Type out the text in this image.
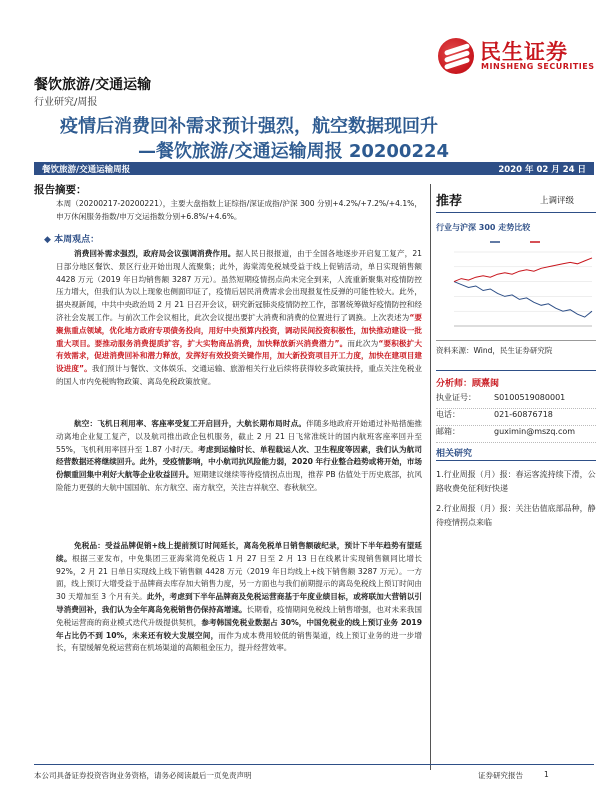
民生证券
MINSHENG SECURITIES
餐饮旅游/交通运输
行业研究/周报
疫情后消费回补需求预计强烈，航空数据现回升
—餐饮旅游/交通运输周报 20200224
餐饮旅游/交通运输周报	2020 年 02 月 24 日
报告摘要：

本周（20200217-20200221），主要大盘指数上证综指/深证成指/沪深 300 分别+4.2%/+7.2%/+4.1%，申万休闲服务指数/申万交运指数分别+6.8%/+4.6%。

◆ 本周观点：

消费回补需求强烈，政府局会议强调消费作用。据人民日报报道，由于全国各地逐步开启复工复产，21 日部分地区餐饮、景区行业开始出现人流聚集；此外，海棠湾免税城受益于线上促销活动，单日实现销售额 4428 万元（2019 年日均销售额 3287 万元）。虽然短期疫情拐点尚未完全到来，人流重新聚集对疫情防控压力增大，但我们认为以上现象也侧面印证了，疫情后居民消费需求会出现报复性反弹的可能性较大。此外，据央视新闻，中共中央政治局 2 月 21 日召开会议，研究新冠肺炎疫情防控工作，部署统筹做好疫情防控和经济社会发展工作。与前次工作会议相比，此次会议提出要扩大消费和消费的位置进行了调换。上次表述为“要聚焦重点领域，优化地方政府专项债务投向，用好中央预算内投资，调动民间投资积极性，加快推动建设一批重大项目。要推动服务消费提质扩容，扩大实物商品消费，加快释放新兴消费潜力”。而此次为“要积极扩大有效需求，促进消费回补和潜力释放，发挥好有效投资关键作用，加大新投资项目开工力度，加快在建项目建设进度”。我们预计与餐饮、文体娱乐、交通运输、旅游相关行业后续将获得较多政策扶持，重点关注免税业的国人市内免税购物政策、离岛免税政策放宽。

航空：飞机日利用率、客座率受复工开启回升，大航长期布局时点。伴随多地政府开始通过补贴措施推动离地企业复工复产，以及航司推出政企包机服务，截止 2 月 21 日飞常准统计的国内航班客座率回升至 55%，飞机利用率回升至 1.87 小时/天。考虑到运输时长、单程载运人次、卫生程度等因素，我们认为航司经营数据还将继续回升。此外，受疫情影响，中小航司抗风险能力弱，2020 年行业整合趋势或将开始，市场份额重回集中利好大航等企业收益回升。短期建议继续等待疫情拐点出现，推荐 PB 估值处于历史底部，抗风险能力更强的大航中国国航、东方航空、南方航空，关注吉祥航空、春秋航空。

免税品：受益品牌促销+线上提前预订时间延长，离岛免税单日销售额破纪录，预计下半年趋势有望延续。根据三亚发布，中免集团三亚海棠湾免税店 1 月 27 日至 2 月 13 日在线累计实现销售额同比增长 92%，2 月 21 日单日实现线上线下销售额 4428 万元（2019 年日均线上+线下销售额 3287 万元）。一方面，线上预订大增受益于品牌商去库存加大销售力度，另一方面也与我们前期提示的离岛免税线上预订时间由 30 天增加至 3 个月有关。此外，考虑到下半年品牌商及免税运营商基于年度业绩目标，或将联加大营销以引导消费回补，我们认为全年离岛免税销售仍保持高增速。长期看，疫情期间免税线上销售增强，也对未来我国免税运营商的商业模式迭代升级提供契机，参考韩国免税业数据占 30%，中国免税业的线上预订业务 2019 年占比仍不到 10%，未来还有较大发展空间，而作为成本费用较低的销售渠道，线上预订业务的进一步增长，有望缓解免税运营商在机场渠道的高额租金压力，提升经营效率。

推荐	上调评级
行业与沪深 300 走势比较
资料来源：Wind，民生证券研究院
分析师：顾熹闽
执业证号： S0100519080001
电话：	021-60876718
邮箱：	guximin@mszq.com
相关研究
1.行业周报（月）报：春运客流持续下滑，公路收费免征利好快递
2.行业周报（月）报：关注估值底部品种，静待疫情拐点来临
本公司具备证券投资咨询业务资格，请务必阅读最后一页免责声明	证券研究报告	1
